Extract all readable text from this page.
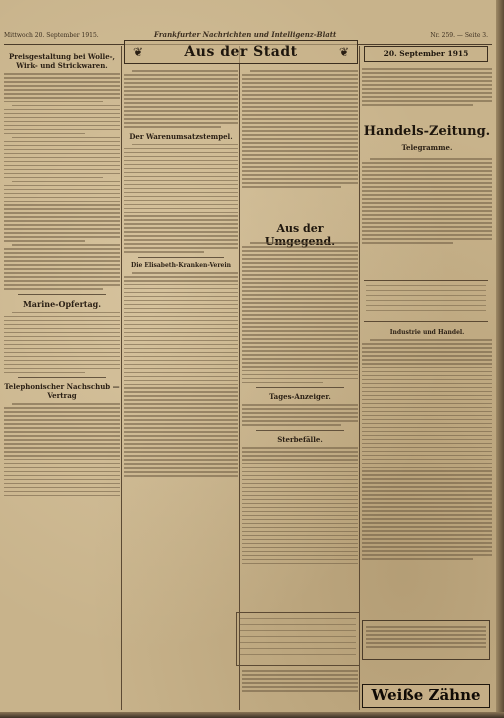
Mittwoch 20. September 1915.	Frankfurter Nachrichten und Intelligenz-Blatt	Nr. 259. — Seite 3.
Preisgestaltung bei Wolle-, Wirk- und Strickwaren.
Marine-Opfertag.
Telephonischer Nachschub — Vertrag
❦	Aus der Stadt	❦
Der Warenumsatzstempel.
Die Elisabeth-Kranken-Verein
Aus der
Tages-Anzeiger.
Sterbefälle.
20. September 1915
Handels-Zeitung.
Telegramme.
Industrie und Handel.
Weiße Zähne
